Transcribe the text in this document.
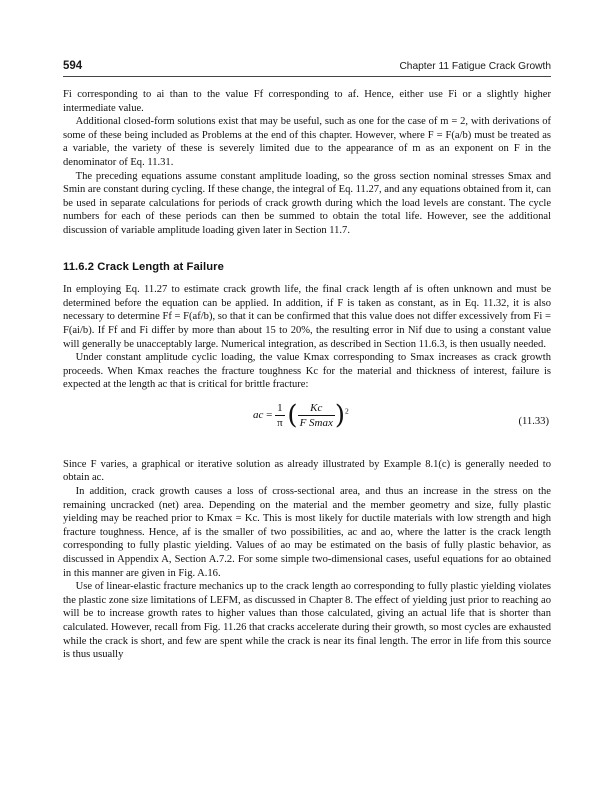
594	Chapter 11 Fatigue Crack Growth

Fi corresponding to ai than to the value Ff corresponding to af. Hence, either use Fi or a slightly higher intermediate value.

Additional closed-form solutions exist that may be useful, such as one for the case of m = 2, with derivations of some of these being included as Problems at the end of this chapter. However, where F = F(a/b) must be treated as a variable, the variety of these is severely limited due to the appearance of m as an exponent on F in the denominator of Eq. 11.31.

The preceding equations assume constant amplitude loading, so the gross section nominal stresses Smax and Smin are constant during cycling. If these change, the integral of Eq. 11.27, and any equations obtained from it, can be used in separate calculations for periods of crack growth during which the load levels are constant. The cycle numbers for each of these periods can then be summed to obtain the total life. However, see the additional discussion of variable amplitude loading given later in Section 11.7.

11.6.2 Crack Length at Failure

In employing Eq. 11.27 to estimate crack growth life, the final crack length af is often unknown and must be determined before the equation can be applied. In addition, if F is taken as constant, as in Eq. 11.32, it is also necessary to determine Ff = F(af/b), so that it can be confirmed that this value does not differ excessively from Fi = F(ai/b). If Ff and Fi differ by more than about 15 to 20%, the resulting error in Nif due to using a constant value will generally be unacceptably large. Numerical integration, as described in Section 11.6.3, is then usually needed.

Under constant amplitude cyclic loading, the value Kmax corresponding to Smax increases as crack growth proceeds. When Kmax reaches the fracture toughness Kc for the material and thickness of interest, failure is expected at the length ac that is critical for brittle fracture:

ac = $\frac{1}{\pi}$ ( $\frac{Kc}{\text{F Smax}} )^2$
(11.33)

Since F varies, a graphical or iterative solution as already illustrated by Example 8.1(c) is generally needed to obtain ac.

In addition, crack growth causes a loss of cross-sectional area, and thus an increase in the stress on the remaining uncracked (net) area. Depending on the material and the member geometry and size, fully plastic yielding may be reached prior to Kmax = Kc. This is most likely for ductile materials with low strength and high fracture toughness. Hence, af is the smaller of two possibilities, ac and ao, where the latter is the crack length corresponding to fully plastic yielding. Values of ao may be estimated on the basis of fully plastic behavior, as discussed in Appendix A, Section A.7.2. For some simple two-dimensional cases, useful equations for ao obtained in this manner are given in Fig. A.16.

Use of linear-elastic fracture mechanics up to the crack length ao corresponding to fully plastic yielding violates the plastic zone size limitations of LEFM, as discussed in Chapter 8. The effect of yielding just prior to reaching ao will be to increase growth rates to higher values than those calculated, giving an actual life that is shorter than calculated. However, recall from Fig. 11.26 that cracks accelerate during their growth, so most cycles are exhausted while the crack is short, and few are spent while the crack is near its final length. The error in life from this source is thus usually
